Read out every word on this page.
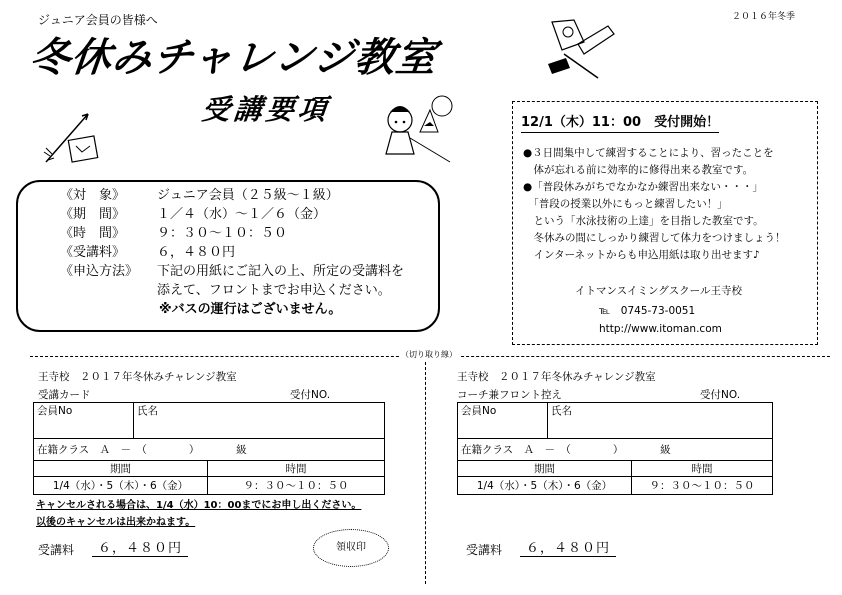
ジュニア会員の皆様へ	２０１６年冬季
冬休みチャレンジ教室
受講要項
《対　象》 ジュニア会員（２５級～１級）
《期　間》 １／４（水）～１／６（金）
《時　間》 ９：３０～１０：５０
《受講料》 ６，４８０円
《申込方法》 下記の用紙にご記入の上、所定の受講料を
添えて、フロントまでお申込ください。
※バスの運行はございません。
12/1（木）11：00　受付開始！
●３日間集中して練習することにより、習ったことを
　体が忘れる前に効率的に修得出来る教室です。
●「普段休みがちでなかなか練習出来ない・・・」
　「普段の授業以外にもっと練習したい！」
　という「水泳技術の上達」を目指した教室です。
　冬休みの間にしっかり練習して体力をつけましょう！
　インターネットからも申込用紙は取り出せます♪
イトマンスイミングスクール王寺校
℡　0745-73-0051
http://www.itoman.com
（切り取り線）
王寺校　２０１７年冬休みチャレンジ教室
受講カード	受付NO.
会員No	氏名
在籍クラス　Ａ　－　（　　　　）　　　　級
期間	時間
1/4（水）・5（木）・6（金）	９：３０～１０：５０
キャンセルされる場合は、1/4（水）10：00までにお申し出ください。
以後のキャンセルは出来かねます。
受講料	６，４８０円	領収印
王寺校　２０１７年冬休みチャレンジ教室
コーチ兼フロント控え	受付NO.
会員No	氏名
在籍クラス　Ａ　－　（　　　　）　　　　級
期間	時間
1/4（水）・5（木）・6（金）	９：３０～１０：５０
受講料	６，４８０円
